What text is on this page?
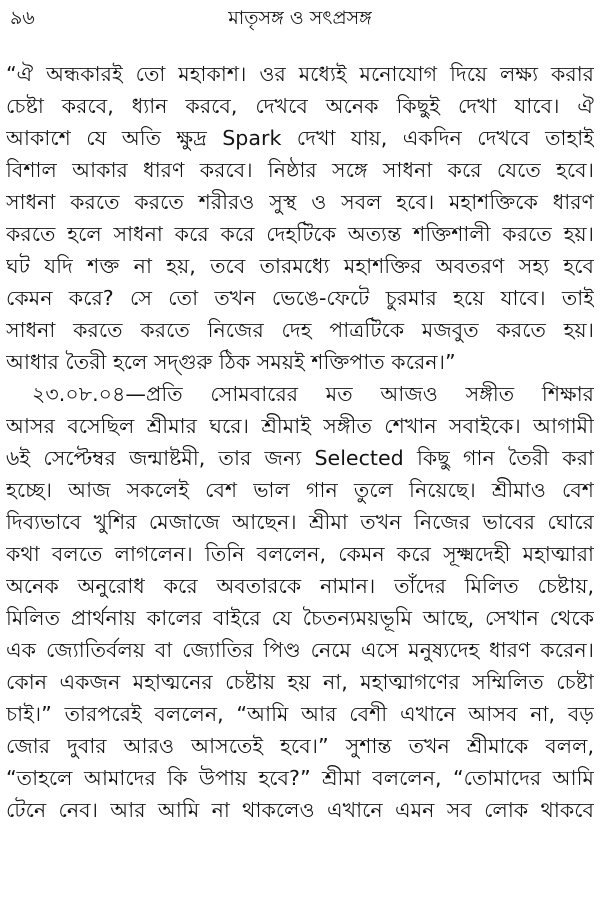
৯৬	মাতৃসঙ্গ ও সৎপ্রসঙ্গ
“ঐ অন্ধকারই তো মহাকাশ। ওর মধ্যেই মনোযোগ দিয়ে লক্ষ্য করার
চেষ্টা করবে, ধ্যান করবে, দেখবে অনেক কিছুই দেখা যাবে। ঐ
আকাশে যে অতি ক্ষুদ্র Spark দেখা যায়, একদিন দেখবে তাহাই
বিশাল আকার ধারণ করবে। নিষ্ঠার সঙ্গে সাধনা করে যেতে হবে।
সাধনা করতে করতে শরীরও সুস্থ ও সবল হবে। মহাশক্তিকে ধারণ
করতে হলে সাধনা করে করে দেহটিকে অত্যন্ত শক্তিশালী করতে হয়।
ঘট যদি শক্ত না হয়, তবে তারমধ্যে মহাশক্তির অবতরণ সহ্য হবে
কেমন করে? সে তো তখন ভেঙে-ফেটে চুরমার হয়ে যাবে। তাই
সাধনা করতে করতে নিজের দেহ পাত্রটিকে মজবুত করতে হয়।
আধার তৈরী হলে সদ্গুরু ঠিক সময়ই শক্তিপাত করেন।”
২৩.০৮.০৪—প্রতি সোমবারের মত আজও সঙ্গীত শিক্ষার
আসর বসেছিল শ্রীমার ঘরে। শ্রীমাই সঙ্গীত শেখান সবাইকে। আগামী
৬ই সেপ্টেম্বর জন্মাষ্টমী, তার জন্য Selected কিছু গান তৈরী করা
হচ্ছে। আজ সকলেই বেশ ভাল গান তুলে নিয়েছে। শ্রীমাও বেশ
দিব্যভাবে খুশির মেজাজে আছেন। শ্রীমা তখন নিজের ভাবের ঘোরে
কথা বলতে লাগলেন। তিনি বললেন, কেমন করে সূক্ষ্মদেহী মহাত্মারা
অনেক অনুরোধ করে অবতারকে নামান। তাঁদের মিলিত চেষ্টায়,
মিলিত প্রার্থনায় কালের বাইরে যে চৈতন্যময়ভূমি আছে, সেখান থেকে
এক জ্যোতির্বলয় বা জ্যোতির পিণ্ড নেমে এসে মনুষ্যদেহ ধারণ করেন।
কোন একজন মহাত্মনের চেষ্টায় হয় না, মহাত্মাগণের সম্মিলিত চেষ্টা
চাই।” তারপরেই বললেন, “আমি আর বেশী এখানে আসব না, বড়
জোর দুবার আরও আসতেই হবে।” সুশান্ত তখন শ্রীমাকে বলল,
“তাহলে আমাদের কি উপায় হবে?” শ্রীমা বললেন, “তোমাদের আমি
টেনে নেব। আর আমি না থাকলেও এখানে এমন সব লোক থাকবে
